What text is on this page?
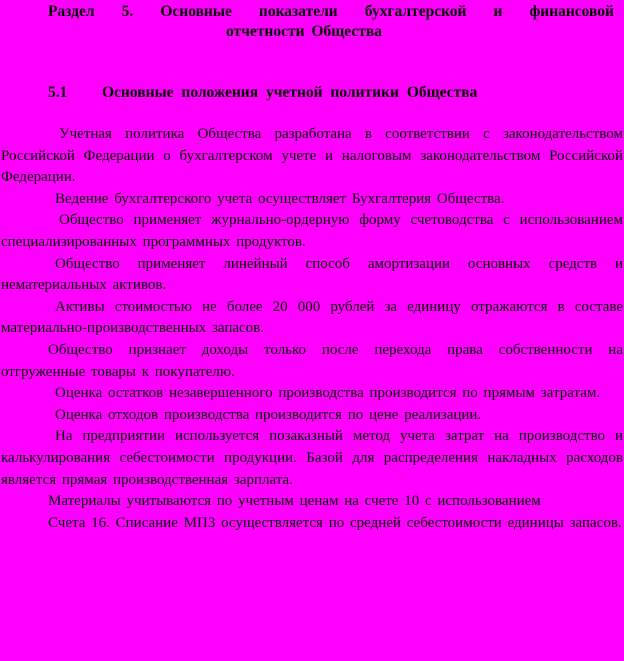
Раздел 5. Основные показатели бухгалтерской и финансовой
отчетности Общества
5.1 Основные положения учетной политики Общества

Учетная политика Общества разработана в соответствии с законодательством Российской Федерации о бухгалтерском учете и налоговым законодательством Российской Федерации.

Ведение бухгалтерского учета осуществляет Бухгалтерия Общества.

Общество применяет журнально-ордерную форму счетоводства с использованием специализированных программных продуктов.

Общество применяет линейный способ амортизации основных средств и нематериальных активов.

Активы стоимостью не более 20 000 рублей за единицу отражаются в составе материально-производственных запасов.

Общество признает доходы только после перехода права собственности на отгруженные товары к покупателю.

Оценка остатков незавершенного производства производится по прямым затратам.

Оценка отходов производства производится по цене реализации.

На предприятии используется позаказный метод учета затрат на производство и калькулирования себестоимости продукции. Базой для распределения накладных расходов является прямая производственная зарплата.

Материалы учитываются по учетным ценам на счете 10 с использованием

Счета 16. Списание МПЗ осуществляется по средней себестоимости единицы запасов.
